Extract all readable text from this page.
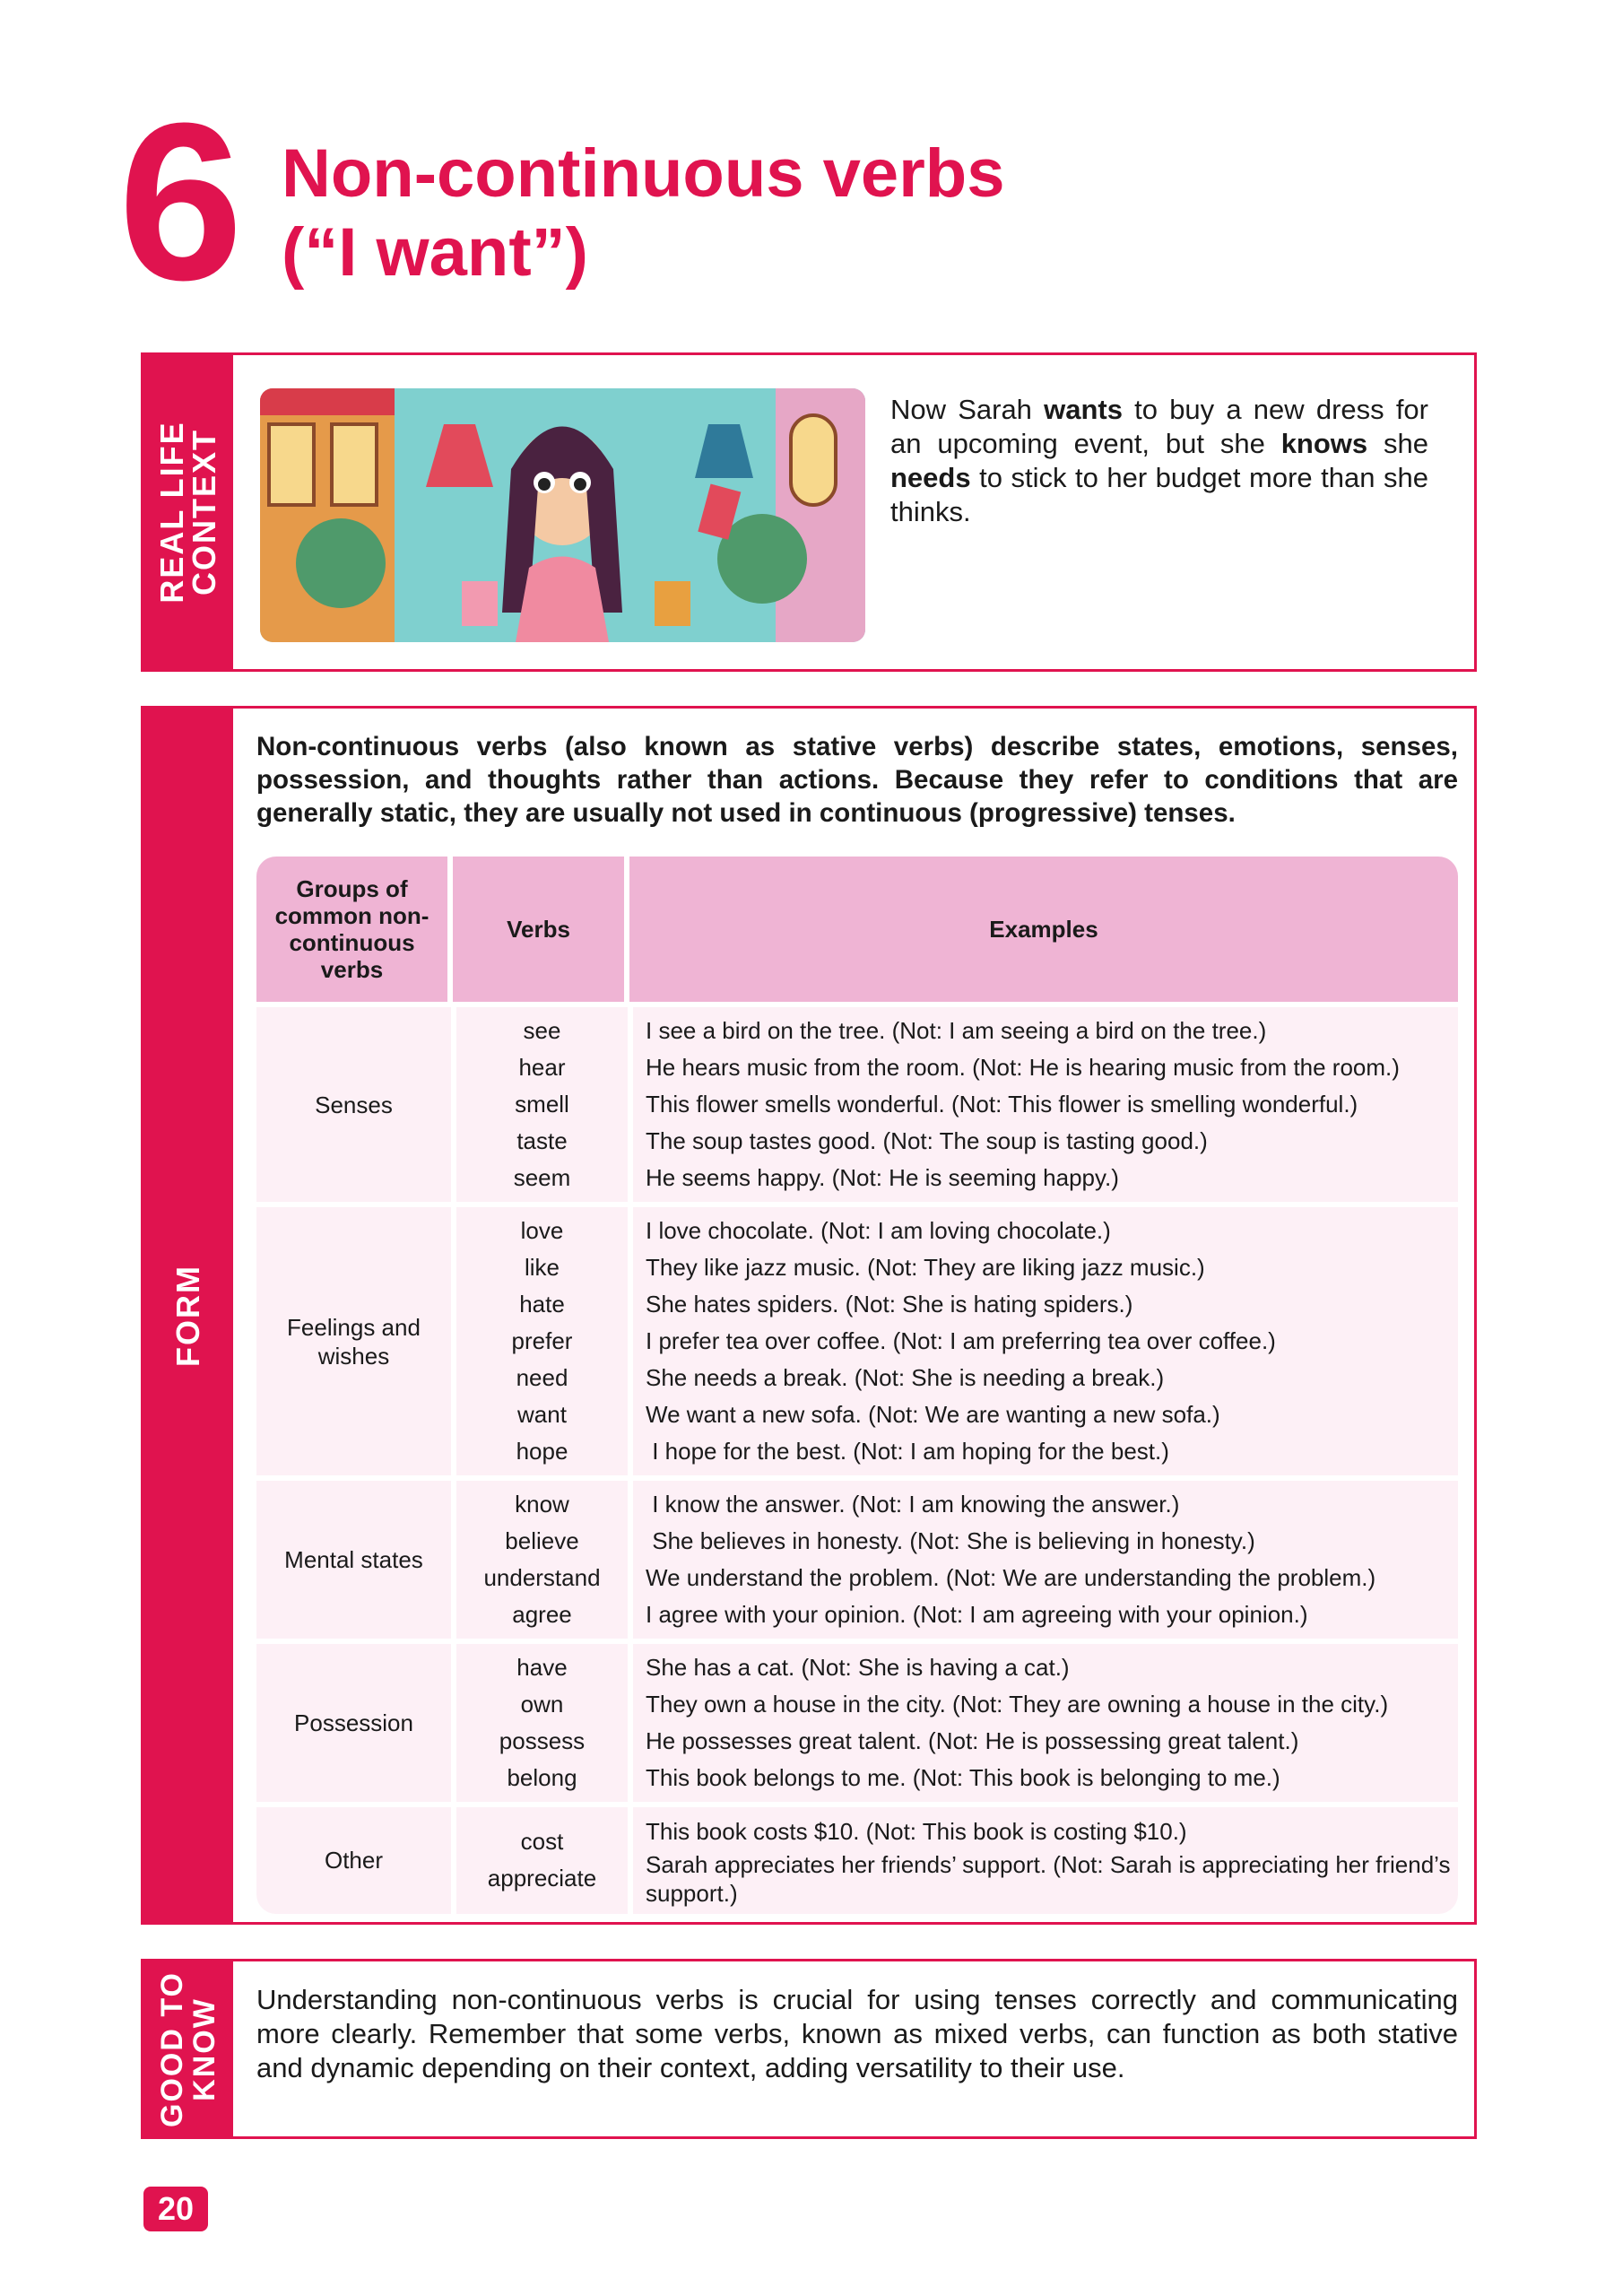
6 Non-continuous verbs
(“I want”)
REAL LIFE
CONTEXT

Now Sarah wants to buy a new dress for an upcoming event, but she knows she needs to stick to her budget more than she thinks.

FORM

Non-continuous verbs (also known as stative verbs) describe states, emotions, senses, possession, and thoughts rather than actions. Because they refer to conditions that are generally static, they are usually not used in continuous (progressive) tenses.

Groups of common non-continuous verbs
Verbs	Examples
Senses
see
hear
smell
taste
seem
I see a bird on the tree. (Not: I am seeing a bird on the tree.)
He hears music from the room. (Not: He is hearing music from the room.)
This flower smells wonderful. (Not: This flower is smelling wonderful.)
The soup tastes good. (Not: The soup is tasting good.)
He seems happy. (Not: He is seeming happy.)
Feelings and wishes
love
like
hate
prefer
need
want
hope
I love chocolate. (Not: I am loving chocolate.)
They like jazz music. (Not: They are liking jazz music.)
She hates spiders. (Not: She is hating spiders.)
I prefer tea over coffee. (Not: I am preferring tea over coffee.)
She needs a break. (Not: She is needing a break.)
We want a new sofa. (Not: We are wanting a new sofa.)
I hope for the best. (Not: I am hoping for the best.)
Mental states
know
believe
understand
agree
I know the answer. (Not: I am knowing the answer.)
She believes in honesty. (Not: She is believing in honesty.)
We understand the problem. (Not: We are understanding the problem.)
I agree with your opinion. (Not: I am agreeing with your opinion.)
Possession
have
own
possess
belong
She has a cat. (Not: She is having a cat.)
They own a house in the city. (Not: They are owning a house in the city.)
He possesses great talent. (Not: He is possessing great talent.)
This book belongs to me. (Not: This book is belonging to me.)
Other
cost
appreciate
This book costs $10. (Not: This book is costing $10.)
Sarah appreciates her friends’ support. (Not: Sarah is appreciating her friend’s support.)
GOOD TO
KNOW Understanding non-continuous verbs is crucial for using tenses correctly and communicating more clearly. Remember that some verbs, known as mixed verbs, can function as both stative and dynamic depending on their context, adding versatility to their use.

20
